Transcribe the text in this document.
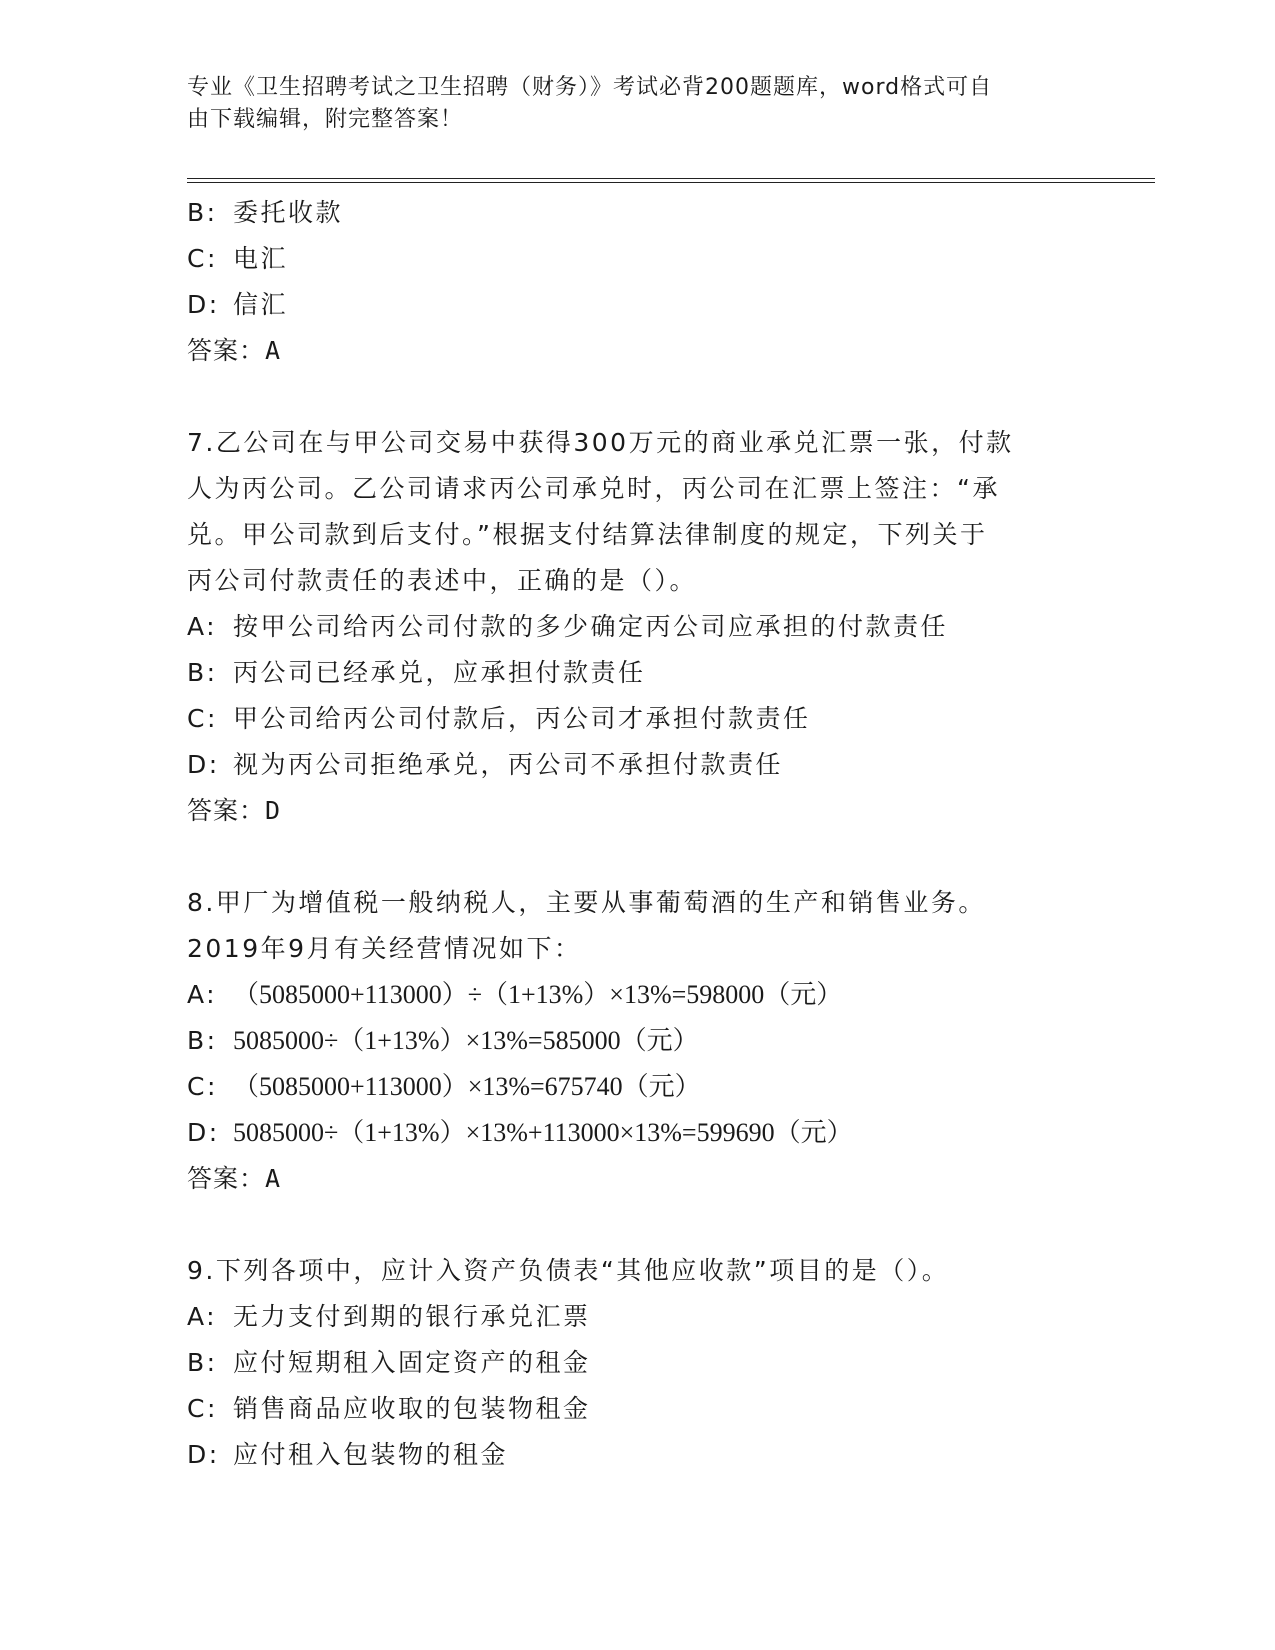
专业《卫生招聘考试之卫生招聘（财务）》考试必背200题题库，word格式可自
由下载编辑，附完整答案！
B: 委托收款
C: 电汇
D: 信汇
答案：A
7.乙公司在与甲公司交易中获得300万元的商业承兑汇票一张，付款
人为丙公司。乙公司请求丙公司承兑时，丙公司在汇票上签注：“承
兑。甲公司款到后支付。”根据支付结算法律制度的规定，下列关于
丙公司付款责任的表述中，正确的是（）。
A: 按甲公司给丙公司付款的多少确定丙公司应承担的付款责任
B: 丙公司已经承兑，应承担付款责任
C: 甲公司给丙公司付款后，丙公司才承担付款责任
D: 视为丙公司拒绝承兑，丙公司不承担付款责任
答案：D
8.甲厂为增值税一般纳税人，主要从事葡萄酒的生产和销售业务。
2019年9月有关经营情况如下：
A: （5085000+113000）÷（1+13%）×13%=598000（元）
B: 5085000÷（1+13%）×13%=585000（元）
C: （5085000+113000）×13%=675740（元）
D: 5085000÷（1+13%）×13%+113000×13%=599690（元）
答案：A
9.下列各项中，应计入资产负债表“其他应收款”项目的是（）。
A: 无力支付到期的银行承兑汇票
B: 应付短期租入固定资产的租金
C: 销售商品应收取的包装物租金
D: 应付租入包装物的租金
